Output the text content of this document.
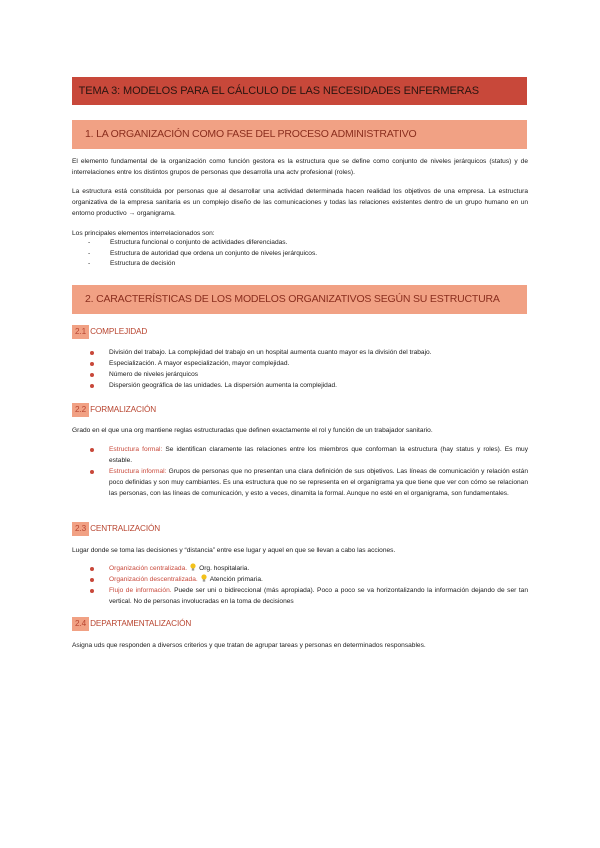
TEMA 3: MODELOS PARA EL CÁLCULO DE LAS NECESIDADES ENFERMERAS
1. LA ORGANIZACIÓN COMO FASE DEL PROCESO ADMINISTRATIVO

El elemento fundamental de la organización como función gestora es la estructura que se define como conjunto de niveles jerárquicos (status) y de interrelaciones entre los distintos grupos de personas que desarrolla una actv profesional (roles).

La estructura está constituida por personas que al desarrollar una actividad determinada hacen realidad los objetivos de una empresa. La estructura organizativa de la empresa sanitaria es un complejo diseño de las comunicaciones y todas las relaciones existentes dentro de un grupo humano en un entorno productivo → organigrama.

Los principales elementos interrelacionados son:

- Estructura funcional o conjunto de actividades diferenciadas.
- Estructura de autoridad que ordena un conjunto de niveles jerárquicos.
- Estructura de decisión
2. CARACTERÍSTICAS DE LOS MODELOS ORGANIZATIVOS SEGÚN SU ESTRUCTURA
2.1 COMPLEJIDAD
División del trabajo. La complejidad del trabajo en un hospital aumenta cuanto mayor es la división del trabajo.
Especialización. A mayor especialización, mayor complejidad.
Número de niveles jerárquicos
Dispersión geográfica de las unidades. La dispersión aumenta la complejidad.
2.2 FORMALIZACIÓN

Grado en el que una org mantiene reglas estructuradas que definen exactamente el rol y función de un trabajador sanitario.

Estructura formal: Se identifican claramente las relaciones entre los miembros que conforman la estructura (hay status y roles). Es muy estable.
Estructura informal: Grupos de personas que no presentan una clara definición de sus objetivos. Las líneas de comunicación y relación están poco definidas y son muy cambiantes. Es una estructura que no se representa en el organigrama ya que tiene que ver con cómo se relacionan las personas, con las líneas de comunicación, y esto a veces, dinamita la formal. Aunque no esté en el organigrama, son fundamentales.
2.3 CENTRALIZACIÓN

Lugar donde se toma las decisiones y “distancia” entre ese lugar y aquel en que se llevan a cabo las acciones.

Organización centralizada. Org. hospitalaria.
Organización descentralizada. Atención primaria.
Flujo de información. Puede ser uni o bidireccional (más apropiada). Poco a poco se va horizontalizando la información dejando de ser tan vertical. No de personas involucradas en la toma de decisiones
2.4 DEPARTAMENTALIZACIÓN

Asigna uds que responden a diversos criterios y que tratan de agrupar tareas y personas en determinados responsables.
